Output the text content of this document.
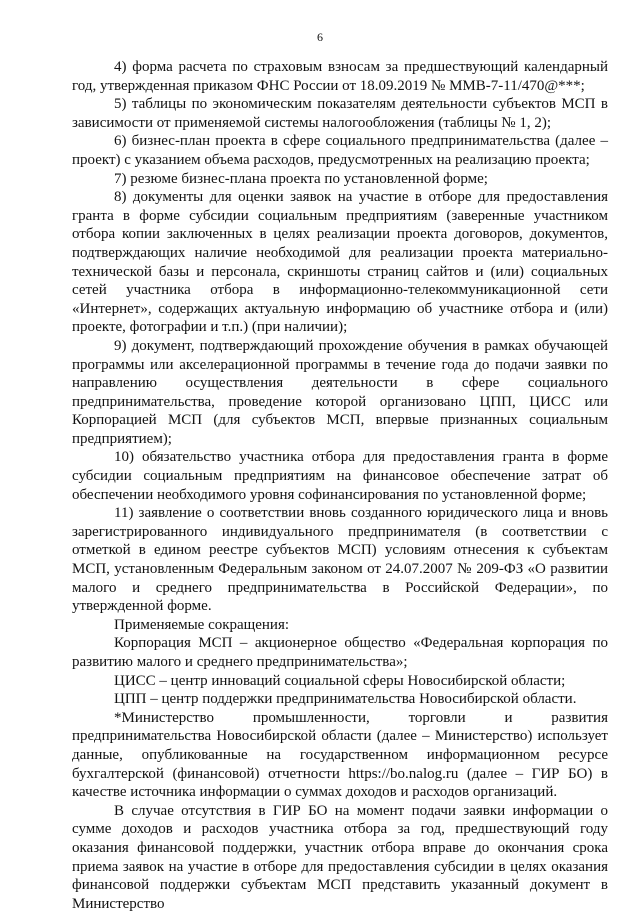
6

4) форма расчета по страховым взносам за предшествующий календарный год, утвержденная приказом ФНС России от 18.09.2019 № ММВ-7-11/470@***;

5) таблицы по экономическим показателям деятельности субъектов МСП в зависимости от применяемой системы налогообложения (таблицы № 1, 2);

6) бизнес-план проекта в сфере социального предпринимательства (далее – проект) с указанием объема расходов, предусмотренных на реализацию проекта;

7) резюме бизнес-плана проекта по установленной форме;

8) документы для оценки заявок на участие в отборе для предоставления гранта в форме субсидии социальным предприятиям (заверенные участником отбора копии заключенных в целях реализации проекта договоров, документов, подтверждающих наличие необходимой для реализации проекта материально-технической базы и персонала, скриншоты страниц сайтов и (или) социальных сетей участника отбора в информационно-телекоммуникационной сети «Интернет», содержащих актуальную информацию об участнике отбора и (или) проекте, фотографии и т.п.) (при наличии);

9) документ, подтверждающий прохождение обучения в рамках обучающей программы или акселерационной программы в течение года до подачи заявки по направлению осуществления деятельности в сфере социального предпринимательства, проведение которой организовано ЦПП, ЦИСС или Корпорацией МСП (для субъектов МСП, впервые признанных социальным предприятием);

10) обязательство участника отбора для предоставления гранта в форме субсидии социальным предприятиям на финансовое обеспечение затрат об обеспечении необходимого уровня софинансирования по установленной форме;

11) заявление о соответствии вновь созданного юридического лица и вновь зарегистрированного индивидуального предпринимателя (в соответствии с отметкой в едином реестре субъектов МСП) условиям отнесения к субъектам МСП, установленным Федеральным законом от 24.07.2007 № 209-ФЗ «О развитии малого и среднего предпринимательства в Российской Федерации», по утвержденной форме.

Применяемые сокращения:

Корпорация МСП – акционерное общество «Федеральная корпорация по развитию малого и среднего предпринимательства»;

ЦИСС – центр инноваций социальной сферы Новосибирской области;

ЦПП – центр поддержки предпринимательства Новосибирской области.

*Министерство промышленности, торговли и развития предпринимательства Новосибирской области (далее – Министерство) использует данные, опубликованные на государственном информационном ресурсе бухгалтерской (финансовой) отчетности https://bo.nalog.ru (далее – ГИР БО) в качестве источника информации о суммах доходов и расходов организаций.

В случае отсутствия в ГИР БО на момент подачи заявки информации о сумме доходов и расходов участника отбора за год, предшествующий году оказания финансовой поддержки, участник отбора вправе до окончания срока приема заявок на участие в отборе для предоставления субсидии в целях оказания финансовой поддержки субъектам МСП представить указанный документ в Министерство
